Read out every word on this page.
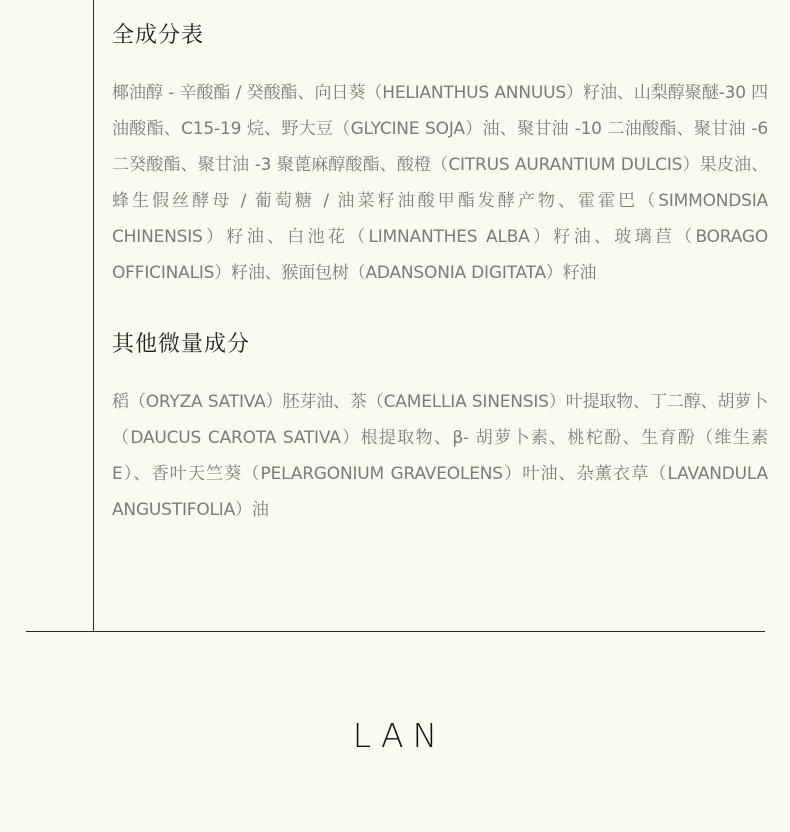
全成分表

椰油醇 - 辛酸酯 / 癸酸酯、向日葵（HELIANTHUS ANNUUS）籽油、山梨醇聚醚-30 四油酸酯、C15-19 烷、野大豆（GLYCINE SOJA）油、聚甘油 -10 二油酸酯、聚甘油 -6 二癸酸酯、聚甘油 -3 聚蓖麻醇酸酯、酸橙（CITRUS AURANTIUM DULCIS）果皮油、蜂生假丝酵母 / 葡萄糖 / 油菜籽油酸甲酯发酵产物、霍霍巴（SIMMONDSIA CHINENSIS）籽油、白池花（LIMNANTHES ALBA）籽油、玻璃苣（BORAGO OFFICINALIS）籽油、猴面包树（ADANSONIA DIGITATA）籽油

其他微量成分

稻（ORYZA SATIVA）胚芽油、茶（CAMELLIA SINENSIS）叶提取物、丁二醇、胡萝卜（DAUCUS CAROTA SATIVA）根提取物、β- 胡萝卜素、桃柁酚、生育酚（维生素 E）、香叶天竺葵（PELARGONIUM GRAVEOLENS）叶油、杂薰衣草（LAVANDULA ANGUSTIFOLIA）油

LAN
